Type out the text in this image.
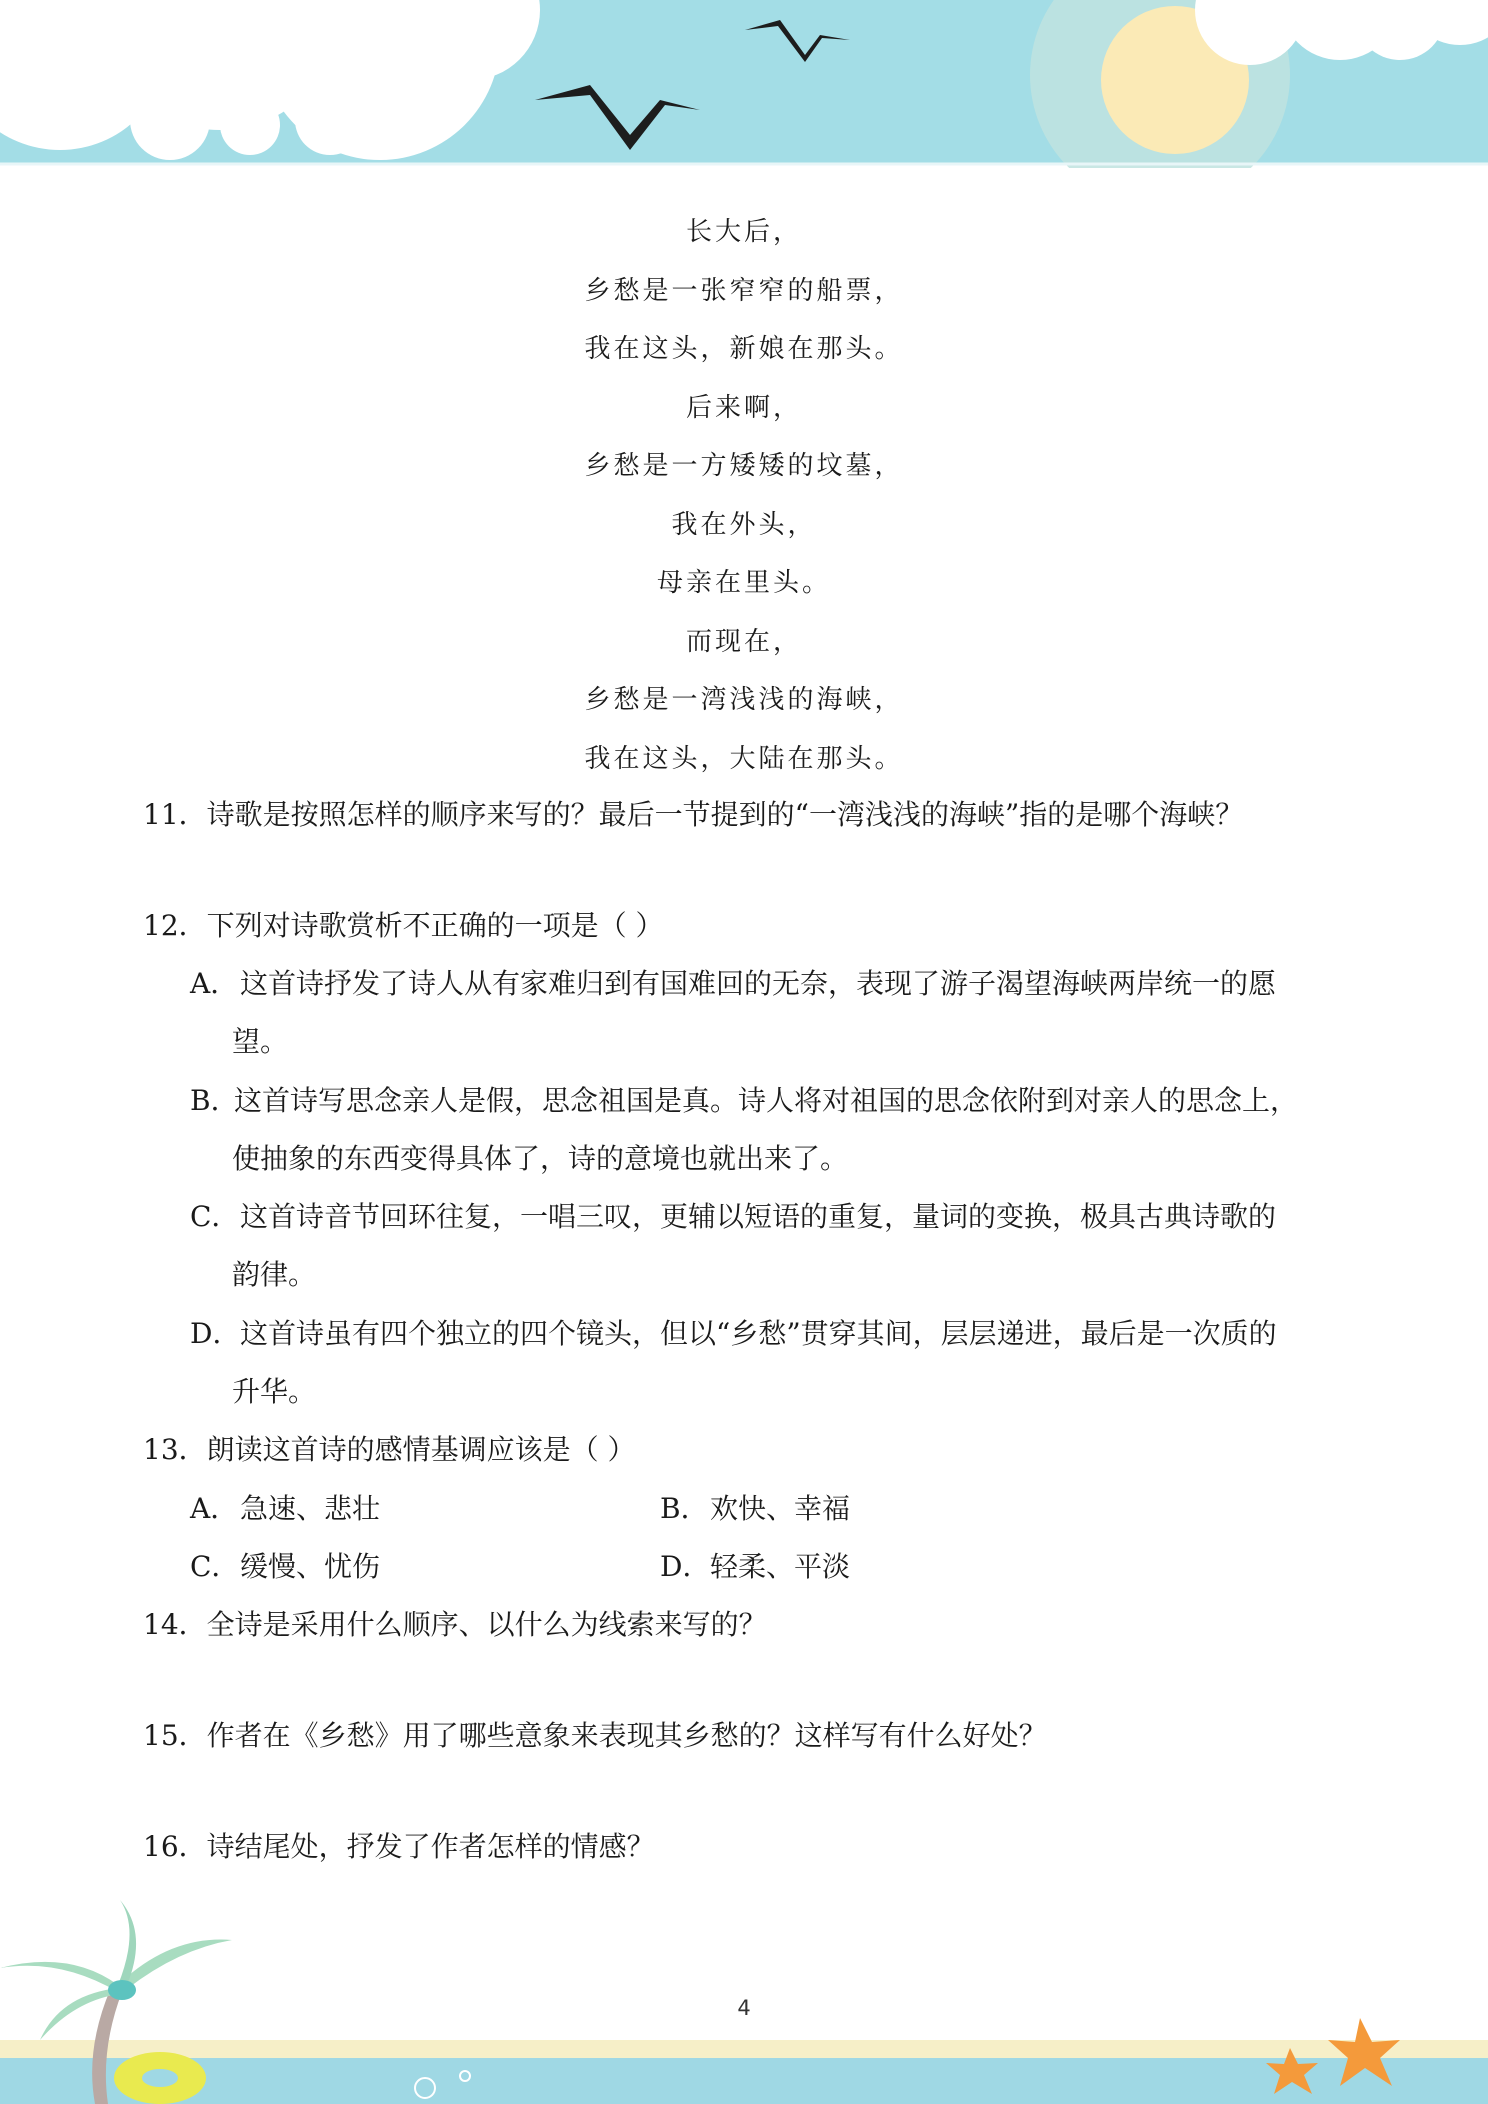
长大后，
乡愁是一张窄窄的船票，
我在这头，新娘在那头。
后来啊，
乡愁是一方矮矮的坟墓，
我在外头，
母亲在里头。
而现在，
乡愁是一湾浅浅的海峡，
我在这头，大陆在那头。
11．诗歌是按照怎样的顺序来写的？最后一节提到的“一湾浅浅的海峡”指的是哪个海峡？
12．下列对诗歌赏析不正确的一项是（ ）
A．这首诗抒发了诗人从有家难归到有国难回的无奈，表现了游子渴望海峡两岸统一的愿
望。
B．这首诗写思念亲人是假，思念祖国是真。诗人将对祖国的思念依附到对亲人的思念上，
使抽象的东西变得具体了，诗的意境也就出来了。
C．这首诗音节回环往复，一唱三叹，更辅以短语的重复，量词的变换，极具古典诗歌的
韵律。
D．这首诗虽有四个独立的四个镜头，但以“乡愁”贯穿其间，层层递进，最后是一次质的
升华。
13．朗读这首诗的感情基调应该是（ ）
A．急速、悲壮	B．欢快、幸福
C．缓慢、忧伤	D．轻柔、平淡
14．全诗是采用什么顺序、以什么为线索来写的？
15．作者在《乡愁》用了哪些意象来表现其乡愁的？这样写有什么好处？
16．诗结尾处，抒发了作者怎样的情感？
4
